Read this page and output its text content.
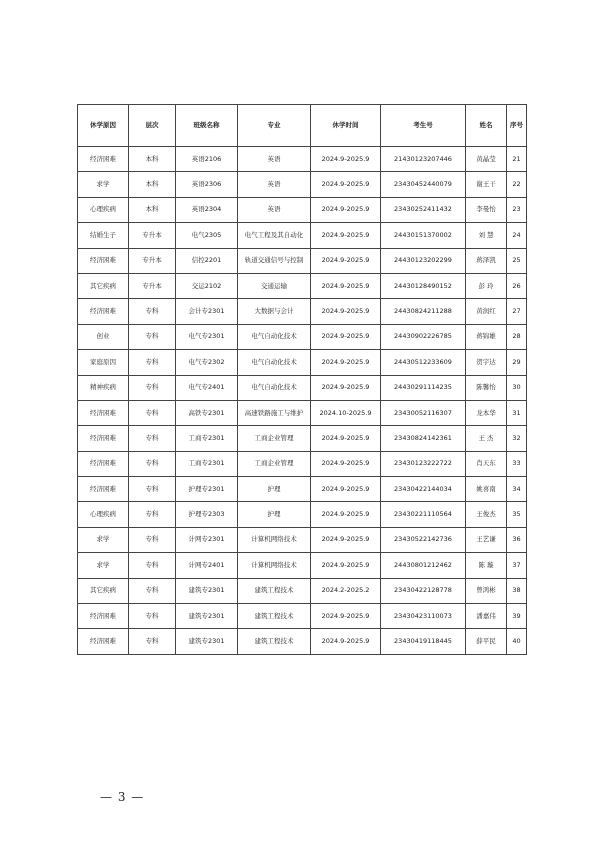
休学原因	层次	班级名称	专业	休学时间	考生号	姓名	序号
经济困难	本科	英语2106	英语	2024.9-2025.9	21430123207446	黄晶莹	21
求学	本科	英语2306	英语	2024.9-2025.9	23430452440079	谢王干	22
心理疾病	本科	英语2304	英语	2024.9-2025.9	23430252411432	李曼怡	23
结婚生子	专升本	电气2305	电气工程及其自动化	2024.9-2025.9	24430151370002	刘 慧	24
经济困难	专升本	信控2201	轨道交通信号与控制	2024.9-2025.9	24430123202299	蒋泽凯	25
其它疾病	专升本	交运2102	交通运输	2024.9-2025.9	24430128490152	彭 玲	26
经济困难	专科	会计专2301	大数据与会计	2024.9-2025.9	24430824211288	黄润红	27
创业	专科	电气专2301	电气自动化技术	2024.9-2025.9	24430902226785	蒋锦雄	28
家庭原因	专科	电气专2302	电气自动化技术	2024.9-2025.9	24430512233609	贺宇达	29
精神疾病	专科	电气专2401	电气自动化技术	2024.9-2025.9	24430291114235	陈馨怡	30
经济困难	专科	高铁专2301	高速铁路施工与维护	2024.10-2025.9	23430052116307	龙本华	31
经济困难	专科	工商专2301	工商企业管理	2024.9-2025.9	23430824142361	王 杰	32
经济困难	专科	工商专2301	工商企业管理	2024.9-2025.9	23430123222722	肖天东	33
经济困难	专科	护理专2301	护理	2024.9-2025.9	23430422144034	姚喜南	34
心理疾病	专科	护理专2303	护理	2024.9-2025.9	23430221110564	王俊杰	35
求学	专科	计网专2301	计算机网络技术	2024.9-2025.9	23430522142736	王艺谦	36
求学	专科	计网专2401	计算机网络技术	2024.9-2025.9	24430801212462	陈 璇	37
其它疾病	专科	建筑专2301	建筑工程技术	2024.2-2025.2	23430422128778	曾鸿彬	38
经济困难	专科	建筑专2301	建筑工程技术	2024.9-2025.9	23430423110073	潘嘉伟	39
经济困难	专科	建筑专2301	建筑工程技术	2024.9-2025.9	23430419118445	薛平民	40
— 3 —
